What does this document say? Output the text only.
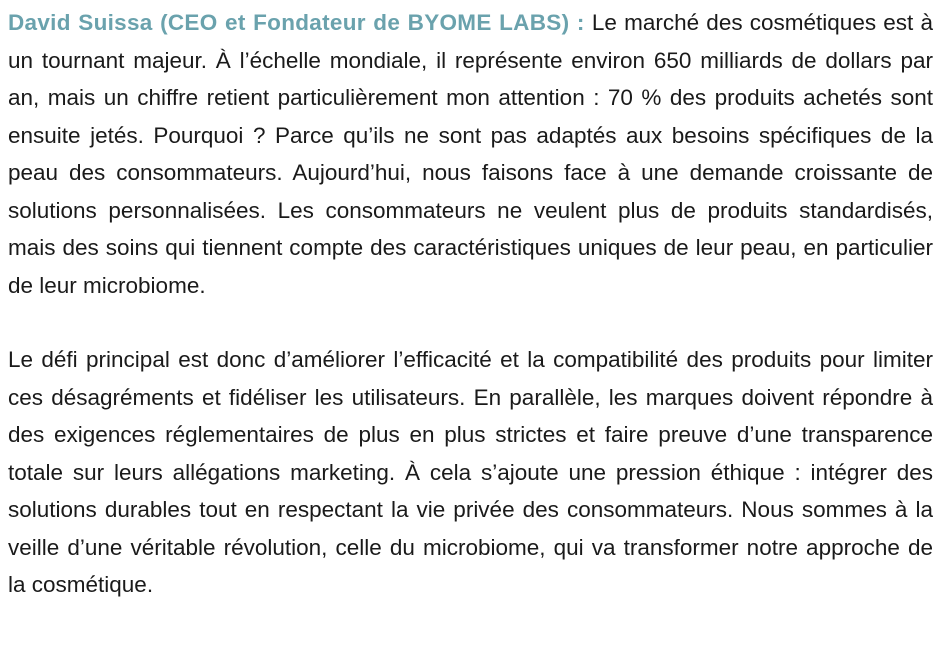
David Suissa (CEO et Fondateur de BYOME LABS) : Le marché des cosmétiques est à un tournant majeur. À l’échelle mondiale, il représente environ 650 milliards de dollars par an, mais un chiffre retient particulièrement mon attention : 70 % des produits achetés sont ensuite jetés. Pourquoi ? Parce qu’ils ne sont pas adaptés aux besoins spécifiques de la peau des consommateurs. Aujourd’hui, nous faisons face à une demande croissante de solutions personnalisées. Les consommateurs ne veulent plus de produits standardisés, mais des soins qui tiennent compte des caractéristiques uniques de leur peau, en particulier de leur microbiome.

Le défi principal est donc d’améliorer l’efficacité et la compatibilité des produits pour limiter ces désagréments et fidéliser les utilisateurs. En parallèle, les marques doivent répondre à des exigences réglementaires de plus en plus strictes et faire preuve d’une transparence totale sur leurs allégations marketing. À cela s’ajoute une pression éthique : intégrer des solutions durables tout en respectant la vie privée des consommateurs. Nous sommes à la veille d’une véritable révolution, celle du microbiome, qui va transformer notre approche de la cosmétique.
